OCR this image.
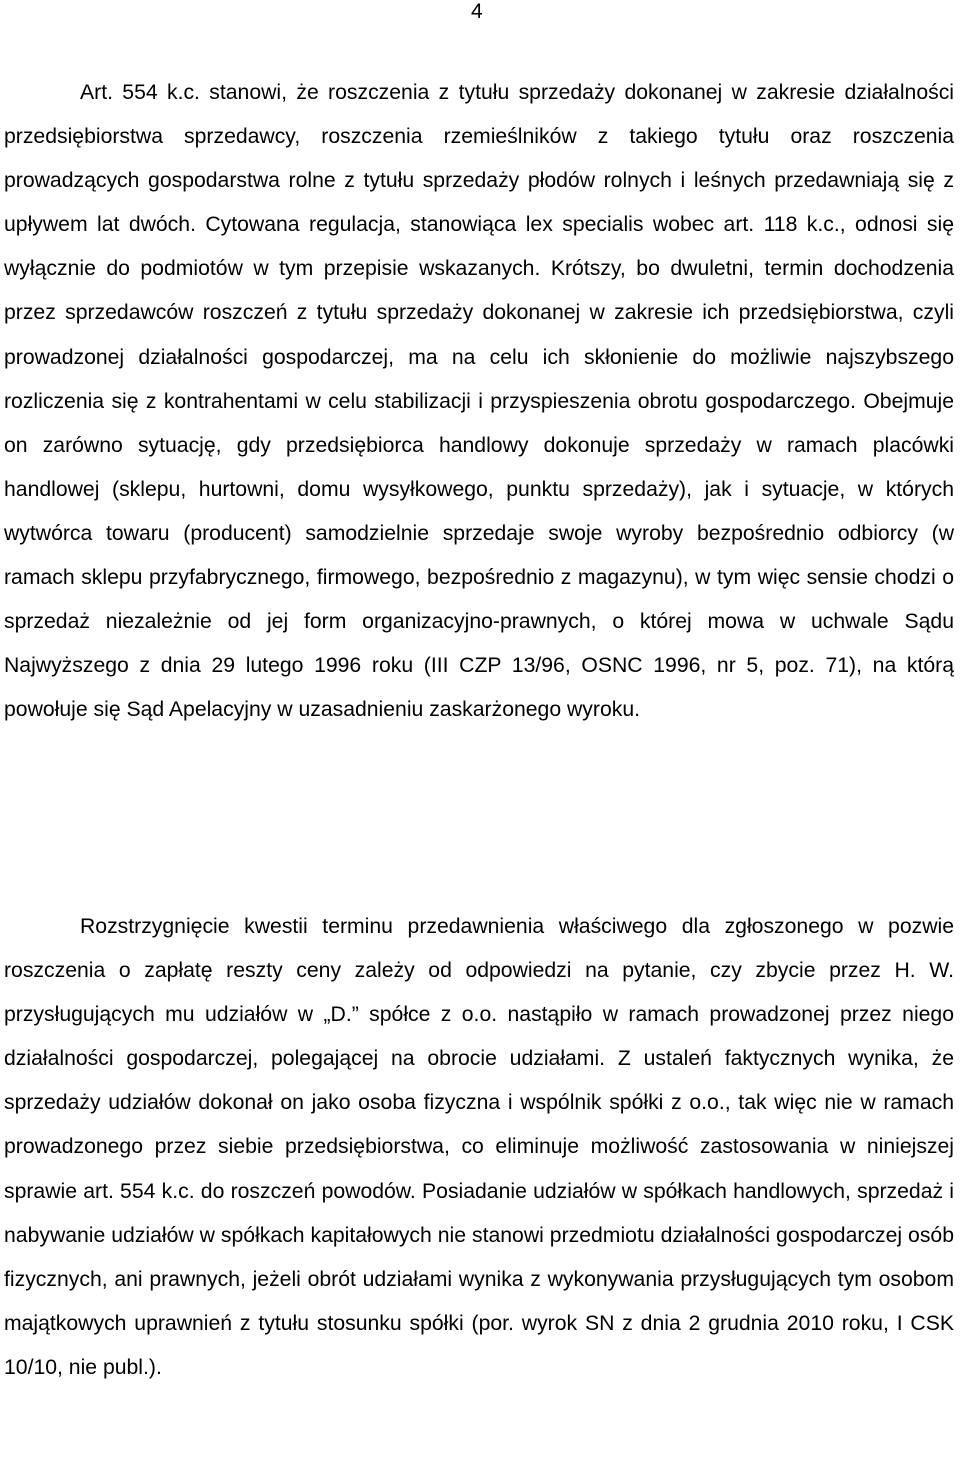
4

Art. 554 k.c. stanowi, że roszczenia z tytułu sprzedaży dokonanej w zakresie działalności przedsiębiorstwa sprzedawcy, roszczenia rzemieślników z takiego tytułu oraz roszczenia prowadzących gospodarstwa rolne z tytułu sprzedaży płodów rolnych i leśnych przedawniają się z upływem lat dwóch. Cytowana regulacja, stanowiąca lex specialis wobec art. 118 k.c., odnosi się wyłącznie do podmiotów w tym przepisie wskazanych. Krótszy, bo dwuletni, termin dochodzenia przez sprzedawców roszczeń z tytułu sprzedaży dokonanej w zakresie ich przedsiębiorstwa, czyli prowadzonej działalności gospodarczej, ma na celu ich skłonienie do możliwie najszybszego rozliczenia się z kontrahentami w celu stabilizacji i przyspieszenia obrotu gospodarczego. Obejmuje on zarówno sytuację, gdy przedsiębiorca handlowy dokonuje sprzedaży w ramach placówki handlowej (sklepu, hurtowni, domu wysyłkowego, punktu sprzedaży), jak i sytuacje, w których wytwórca towaru (producent) samodzielnie sprzedaje swoje wyroby bezpośrednio odbiorcy (w ramach sklepu przyfabrycznego, firmowego, bezpośrednio z magazynu), w tym więc sensie chodzi o sprzedaż niezależnie od jej form organizacyjno-prawnych, o której mowa w uchwale Sądu Najwyższego z dnia 29 lutego 1996 roku (III CZP 13/96, OSNC 1996, nr 5, poz. 71), na którą powołuje się Sąd Apelacyjny w uzasadnieniu zaskarżonego wyroku.

Rozstrzygnięcie kwestii terminu przedawnienia właściwego dla zgłoszonego w pozwie roszczenia o zapłatę reszty ceny zależy od odpowiedzi na pytanie, czy zbycie przez H. W. przysługujących mu udziałów w „D.” spółce z o.o. nastąpiło w ramach prowadzonej przez niego działalności gospodarczej, polegającej na obrocie udziałami. Z ustaleń faktycznych wynika, że sprzedaży udziałów dokonał on jako osoba fizyczna i wspólnik spółki z o.o., tak więc nie w ramach prowadzonego przez siebie przedsiębiorstwa, co eliminuje możliwość zastosowania w niniejszej sprawie art. 554 k.c. do roszczeń powodów. Posiadanie udziałów w spółkach handlowych, sprzedaż i nabywanie udziałów w spółkach kapitałowych nie stanowi przedmiotu działalności gospodarczej osób fizycznych, ani prawnych, jeżeli obrót udziałami wynika z wykonywania przysługujących tym osobom majątkowych uprawnień z tytułu stosunku spółki (por. wyrok SN z dnia 2 grudnia 2010 roku, I CSK 10/10, nie publ.).
